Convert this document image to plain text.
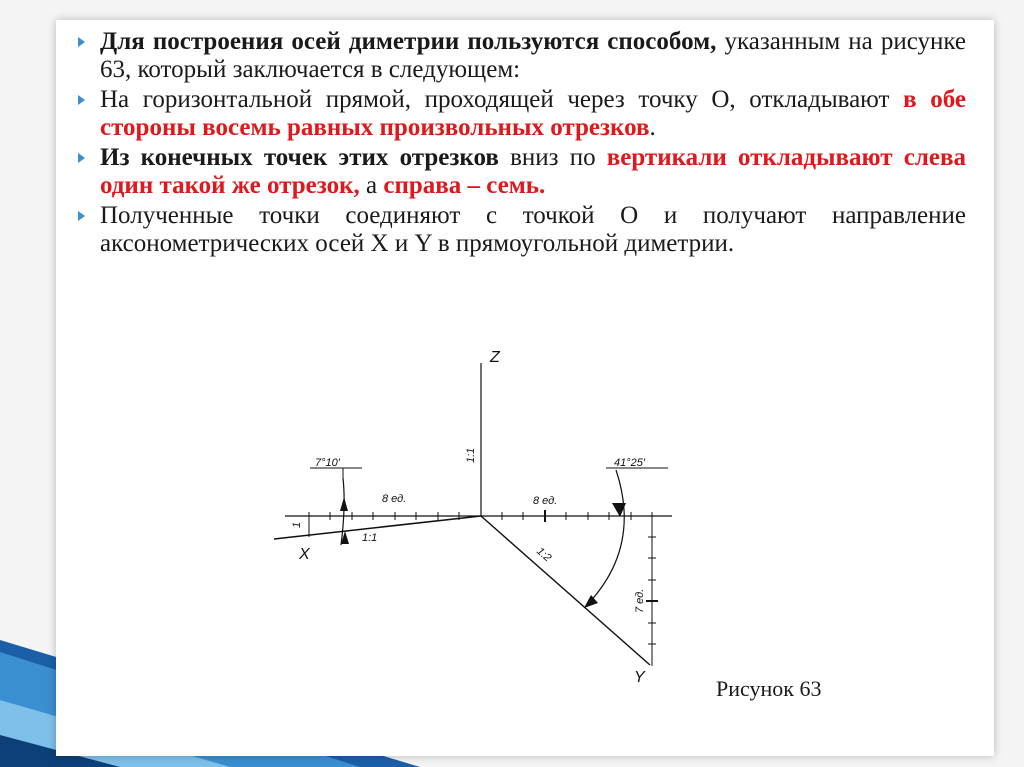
Для построения осей диметрии пользуются способом, указанным на рисунке 63, который заключается в следующем:
На горизонтальной прямой, проходящей через точку О, откладывают в обе стороны восемь равных произвольных отрезков.
Из конечных точек этих отрезков вниз по вертикали откладывают слева один такой же отрезок, а справа – семь.
Полученные точки соединяют с точкой О и получают направление аксонометрических осей X и Y в прямоугольной диметрии.
Z
X
Y
7°10′	41°25′
8 ед.	8 ед.
1:1
1:1
1:2
1
7 ед.
Рисунок 63
